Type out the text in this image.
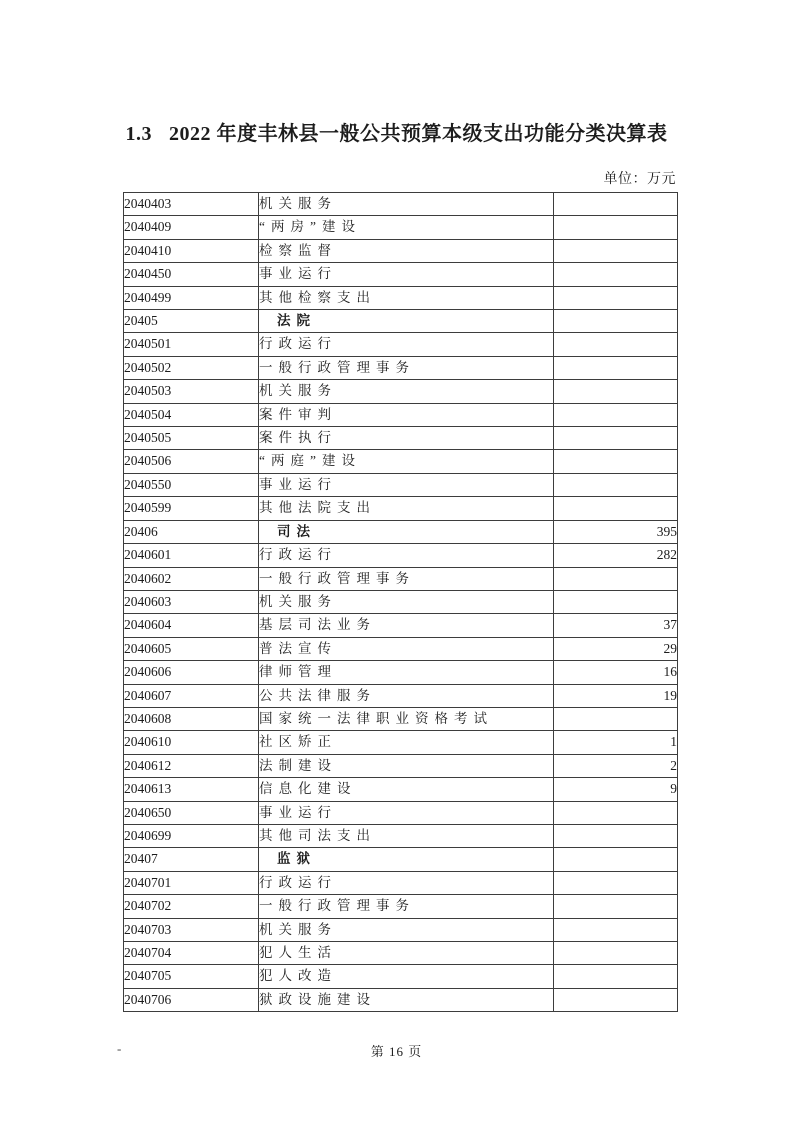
1.3 2022 年度丰林县一般公共预算本级支出功能分类决算表
单位：万元
2040403	机关服务	
2040409	“两房”建设	
2040410	检察监督	
2040450	事业运行	
2040499	其他检察支出	
20405	法院	
2040501	行政运行	
2040502	一般行政管理事务	
2040503	机关服务	
2040504	案件审判	
2040505	案件执行	
2040506	“两庭”建设	
2040550	事业运行	
2040599	其他法院支出	
20406	司法	395
2040601	行政运行	282
2040602	一般行政管理事务	
2040603	机关服务	
2040604	基层司法业务	37
2040605	普法宣传	29
2040606	律师管理	16
2040607	公共法律服务	19
2040608	国家统一法律职业资格考试	
2040610	社区矫正	1
2040612	法制建设	2
2040613	信息化建设	9
2040650	事业运行	
2040699	其他司法支出	
20407	监狱	
2040701	行政运行	
2040702	一般行政管理事务	
2040703	机关服务	
2040704	犯人生活	
2040705	犯人改造	
2040706	狱政设施建设	
-	第 16 页
